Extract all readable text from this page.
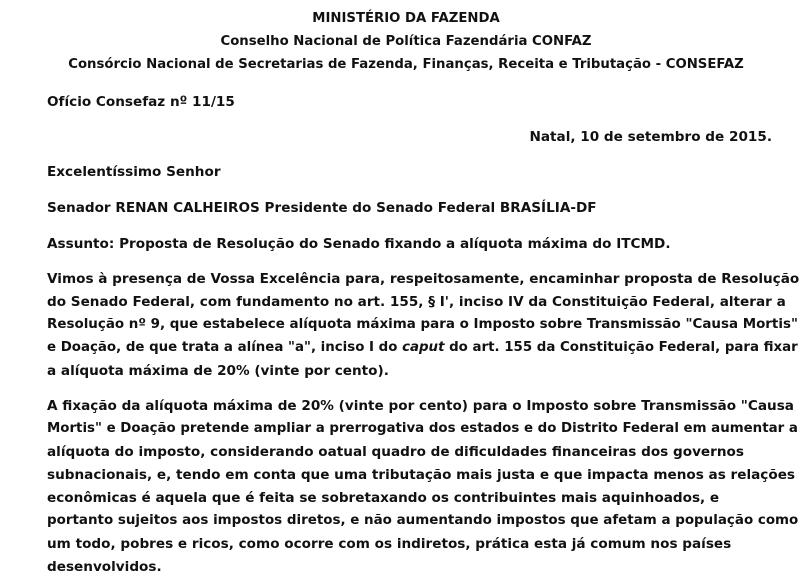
MINISTÉRIO DA FAZENDA
Conselho Nacional de Política Fazendária CONFAZ
Consórcio Nacional de Secretarias de Fazenda, Finanças, Receita e Tributação - CONSEFAZ
Ofício Consefaz nº 11/15
Natal, 10 de setembro de 2015.
Excelentíssimo Senhor
Senador RENAN CALHEIROS Presidente do Senado Federal BRASÍLIA-DF
Assunto: Proposta de Resolução do Senado fixando a alíquota máxima do ITCMD.
Vimos à presença de Vossa Excelência para, respeitosamente, encaminhar proposta de Resolução
do Senado Federal, com fundamento no art. 155, § I', inciso IV da Constituição Federal, alterar a
Resolução nº 9, que estabelece alíquota máxima para o Imposto sobre Transmissão "Causa Mortis"
e Doação, de que trata a alínea "a", inciso I do caput do art. 155 da Constituição Federal, para fixar
a alíquota máxima de 20% (vinte por cento).
A fixação da alíquota máxima de 20% (vinte por cento) para o Imposto sobre Transmissão "Causa
Mortis" e Doação pretende ampliar a prerrogativa dos estados e do Distrito Federal em aumentar a
alíquota do imposto, considerando oatual quadro de dificuldades financeiras dos governos
subnacionais, e, tendo em conta que uma tributação mais justa e que impacta menos as relações
econômicas é aquela que é feita se sobretaxando os contribuintes mais aquinhoados, e
portanto sujeitos aos impostos diretos, e não aumentando impostos que afetam a população como
um todo, pobres e ricos, como ocorre com os indiretos, prática esta já comum nos países
desenvolvidos.
